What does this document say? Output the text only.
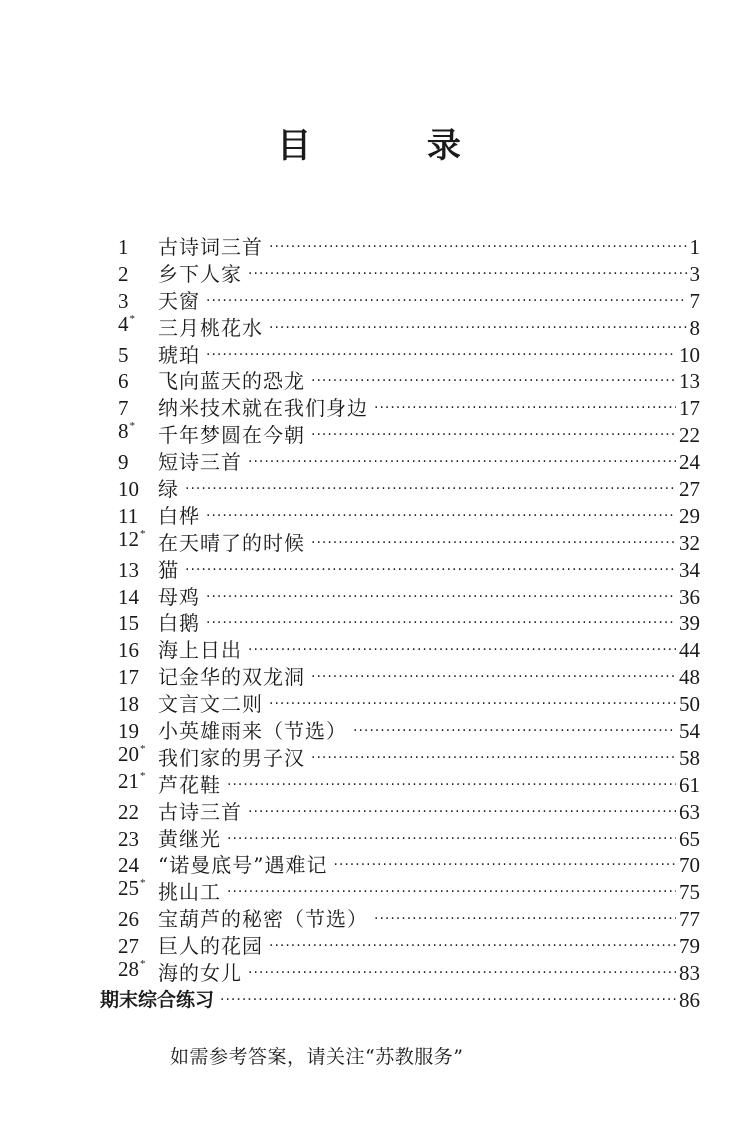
目 录
1	古诗词三首 ·····	1
2	乡下人家 ·····	3
3	天窗 ·····	7
4*	三月桃花水 ·····	8
5	琥珀 ·····	10
6	飞向蓝天的恐龙 ·····	13
7	纳米技术就在我们身边 ·····	17
8*	千年梦圆在今朝 ·····	22
9	短诗三首 ·····	24
10 绿 ·····	27
11 白桦 ·····	29
12* 在天晴了的时候 ·····	32
13 猫 ·····	34
14 母鸡 ·····	36
15 白鹅 ·····	39
16 海上日出 ·····	44
17 记金华的双龙洞 ·····	48
18 文言文二则 ·····	50
19 小英雄雨来（节选） ·····	54
20* 我们家的男子汉 ·····	58
21* 芦花鞋 ·····	61
22 古诗三首 ·····	63
23 黄继光 ·····	65
24 “诺曼底号”遇难记 ·····	70
25* 挑山工 ·····	75
26 宝葫芦的秘密（节选） ·····	77
27 巨人的花园 ·····	79
28* 海的女儿 ·····	83
期末综合练习 ·····	86
如需参考答案，请关注“苏教服务”
